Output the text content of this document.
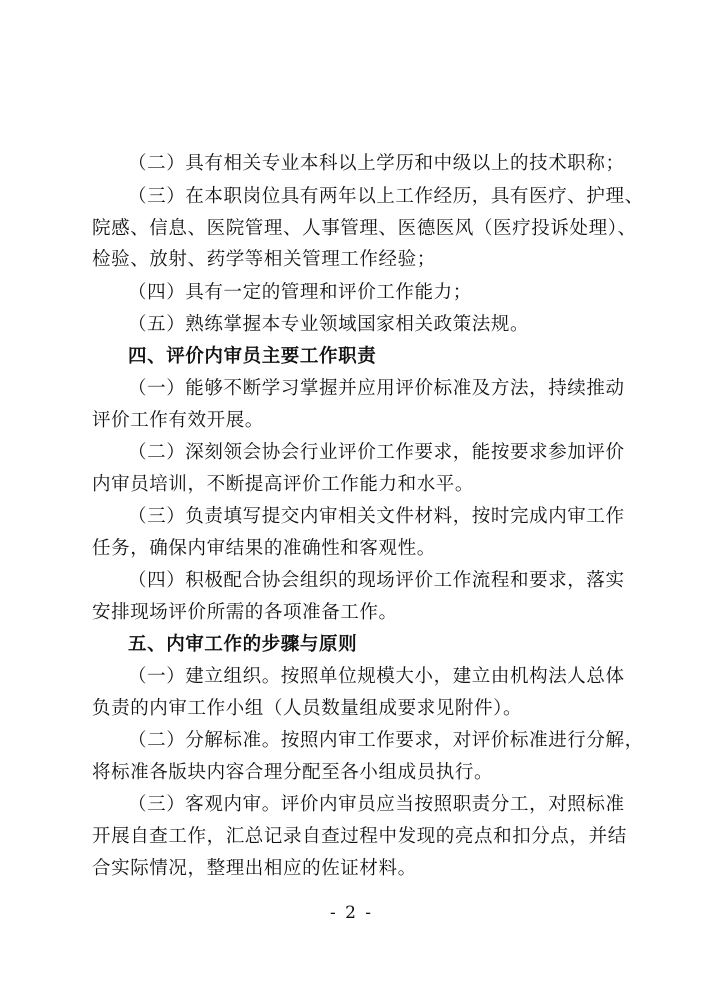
（二）具有相关专业本科以上学历和中级以上的技术职称；
（三）在本职岗位具有两年以上工作经历，具有医疗、护理、
院感、信息、医院管理、人事管理、医德医风（医疗投诉处理）、
检验、放射、药学等相关管理工作经验；
（四）具有一定的管理和评价工作能力；
（五）熟练掌握本专业领域国家相关政策法规。
四、评价内审员主要工作职责
（一）能够不断学习掌握并应用评价标准及方法，持续推动
评价工作有效开展。
（二）深刻领会协会行业评价工作要求，能按要求参加评价
内审员培训，不断提高评价工作能力和水平。
（三）负责填写提交内审相关文件材料，按时完成内审工作
任务，确保内审结果的准确性和客观性。
（四）积极配合协会组织的现场评价工作流程和要求，落实
安排现场评价所需的各项准备工作。
五、内审工作的步骤与原则
（一）建立组织。按照单位规模大小，建立由机构法人总体
负责的内审工作小组（人员数量组成要求见附件）。
（二）分解标准。按照内审工作要求，对评价标准进行分解，
将标准各版块内容合理分配至各小组成员执行。
（三）客观内审。评价内审员应当按照职责分工，对照标准
开展自查工作，汇总记录自查过程中发现的亮点和扣分点，并结
合实际情况，整理出相应的佐证材料。
- 2 -
